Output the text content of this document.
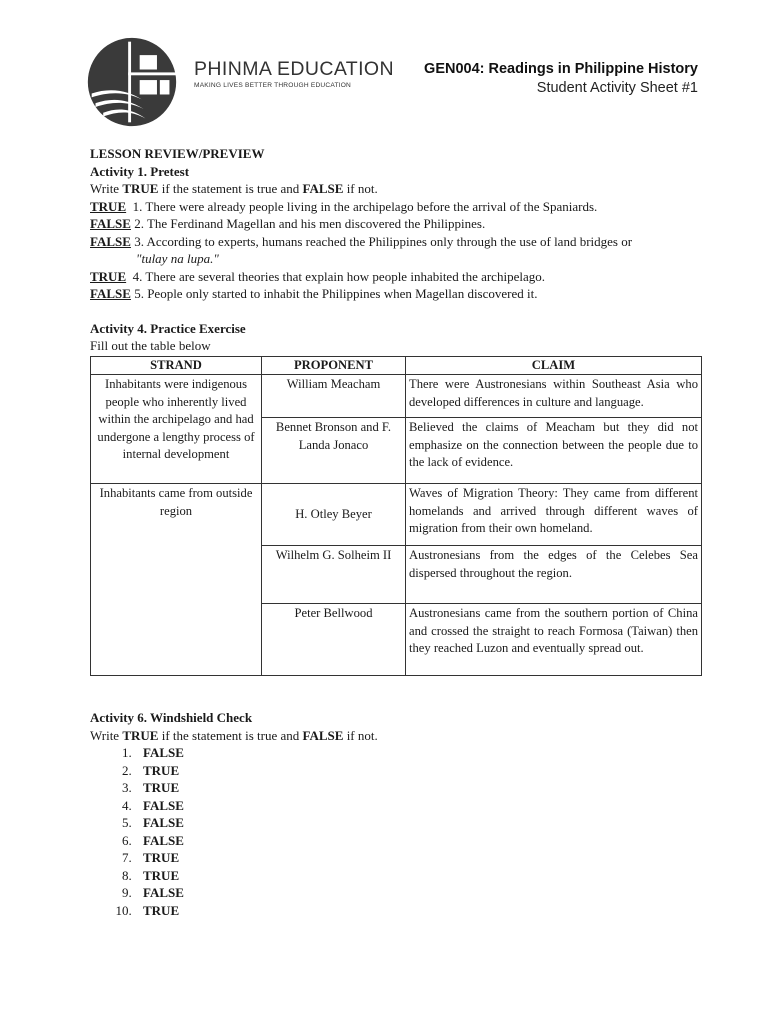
PHINMA EDUCATION
MAKING LIVES BETTER THROUGH EDUCATION
GEN004: Readings in Philippine History
Student Activity Sheet #1
LESSON REVIEW/PREVIEW
Activity 1. Pretest
Write TRUE if the statement is true and FALSE if not.
TRUE 1. There were already people living in the archipelago before the arrival of the Spaniards.
FALSE 2. The Ferdinand Magellan and his men discovered the Philippines.
FALSE 3. According to experts, humans reached the Philippines only through the use of land bridges or
"tulay na lupa."
TRUE 4. There are several theories that explain how people inhabited the archipelago.
FALSE 5. People only started to inhabit the Philippines when Magellan discovered it.
Activity 4. Practice Exercise
Fill out the table below
STRAND	PROPONENT	CLAIM
Inhabitants were indigenous people who inherently lived within the archipelago and had undergone a lengthy process of internal development	William Meacham	There were Austronesians within Southeast Asia who developed differences in culture and language.
	Bennet Bronson and F. Landa Jonaco	Believed the claims of Meacham but they did not emphasize on the connection between the people due to the lack of evidence.
Inhabitants came from outside region	H. Otley Beyer	Waves of Migration Theory: They came from different homelands and arrived through different waves of migration from their own homeland.
	Wilhelm G. Solheim II	Austronesians from the edges of the Celebes Sea dispersed throughout the region.
	Peter Bellwood	Austronesians came from the southern portion of China and crossed the straight to reach Formosa (Taiwan) then they reached Luzon and eventually spread out.
Activity 6. Windshield Check
Write TRUE if the statement is true and FALSE if not.
1. FALSE
2. TRUE
3. TRUE
4. FALSE
5. FALSE
6. FALSE
7. TRUE
8. TRUE
9. FALSE
10. TRUE
